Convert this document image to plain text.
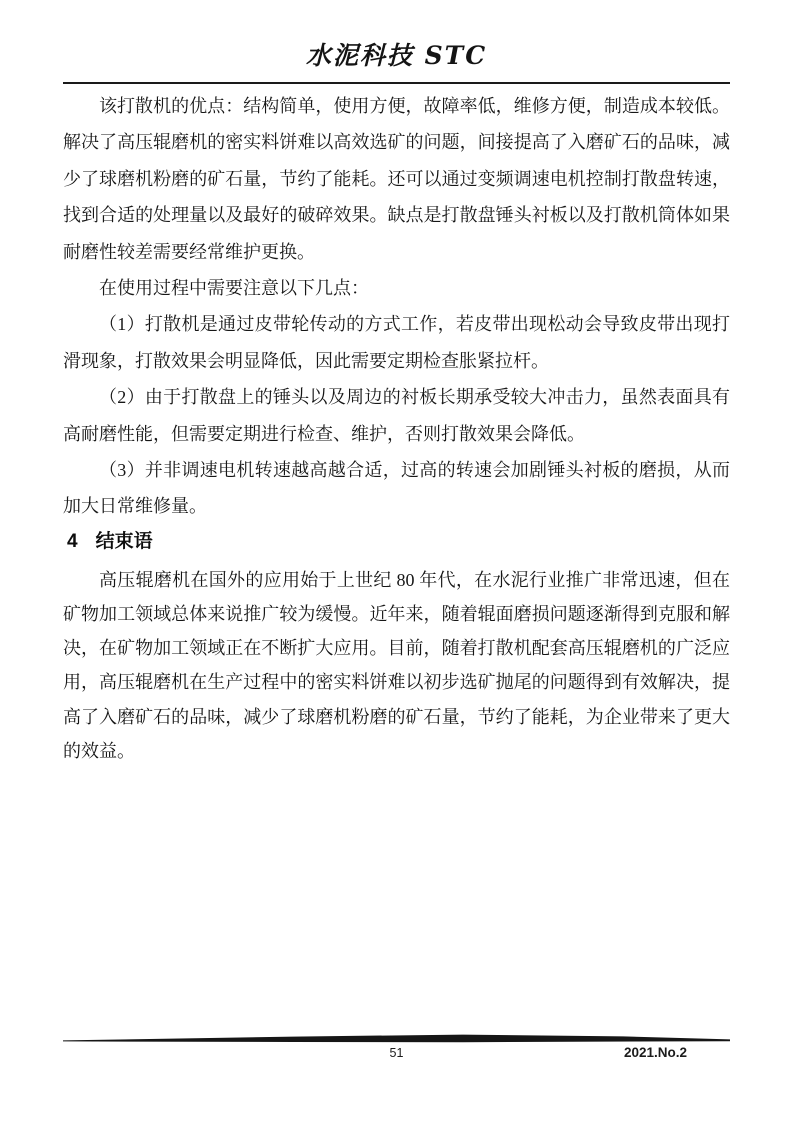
水泥科技 STC

该打散机的优点：结构简单，使用方便，故障率低，维修方便，制造成本较低。解决了高压辊磨机的密实料饼难以高效选矿的问题，间接提高了入磨矿石的品味，减少了球磨机粉磨的矿石量，节约了能耗。还可以通过变频调速电机控制打散盘转速，找到合适的处理量以及最好的破碎效果。缺点是打散盘锤头衬板以及打散机筒体如果耐磨性较差需要经常维护更换。

在使用过程中需要注意以下几点：

（1）打散机是通过皮带轮传动的方式工作，若皮带出现松动会导致皮带出现打滑现象，打散效果会明显降低，因此需要定期检查胀紧拉杆。

（2）由于打散盘上的锤头以及周边的衬板长期承受较大冲击力，虽然表面具有高耐磨性能，但需要定期进行检查、维护，否则打散效果会降低。

（3）并非调速电机转速越高越合适，过高的转速会加剧锤头衬板的磨损，从而加大日常维修量。

4 结束语

高压辊磨机在国外的应用始于上世纪 80 年代，在水泥行业推广非常迅速，但在矿物加工领域总体来说推广较为缓慢。近年来，随着辊面磨损问题逐渐得到克服和解决，在矿物加工领域正在不断扩大应用。目前，随着打散机配套高压辊磨机的广泛应用，高压辊磨机在生产过程中的密实料饼难以初步选矿抛尾的问题得到有效解决，提高了入磨矿石的品味，减少了球磨机粉磨的矿石量，节约了能耗，为企业带来了更大的效益。

51	2021.No.2
